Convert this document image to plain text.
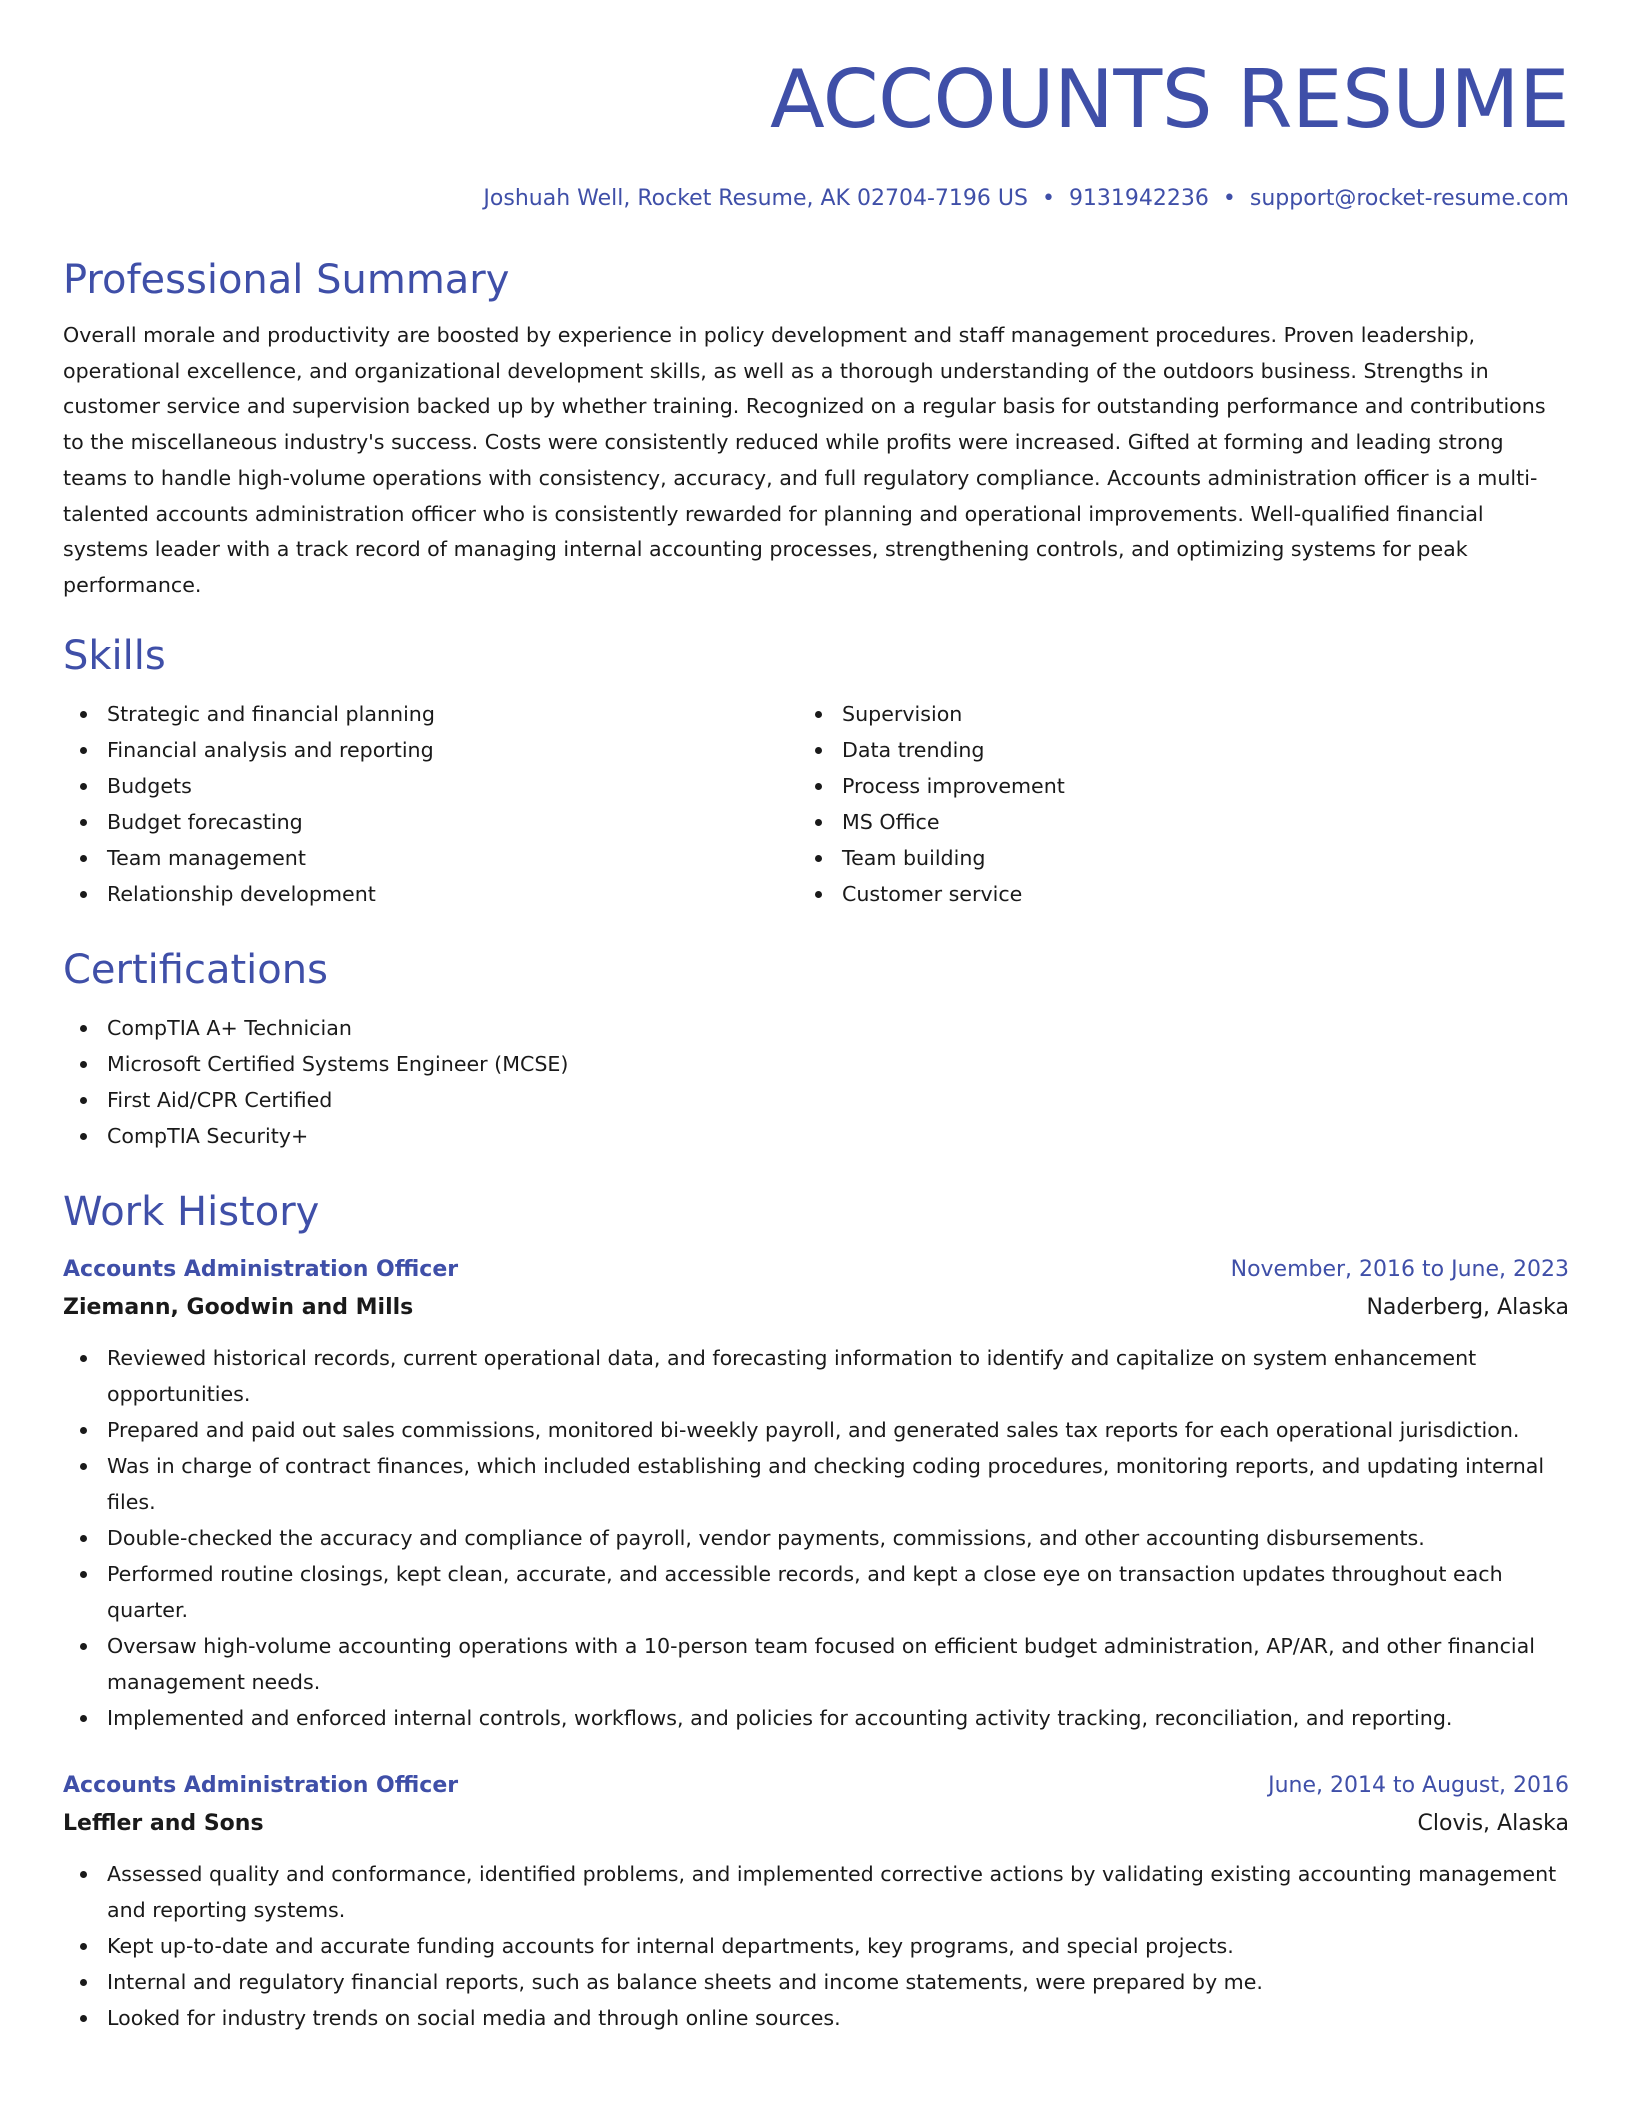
ACCOUNTS RESUME
Joshuah Well, Rocket Resume, AK 02704-7196 US • 9131942236 • support@rocket-resume.com
Professional Summary

Overall morale and productivity are boosted by experience in policy development and staff management procedures. Proven leadership, operational excellence, and organizational development skills, as well as a thorough understanding of the outdoors business. Strengths in customer service and supervision backed up by whether training. Recognized on a regular basis for outstanding performance and contributions to the miscellaneous industry's success. Costs were consistently reduced while profits were increased. Gifted at forming and leading strong teams to handle high-volume operations with consistency, accuracy, and full regulatory compliance. Accounts administration officer is a multi-talented accounts administration officer who is consistently rewarded for planning and operational improvements. Well-qualified financial systems leader with a track record of managing internal accounting processes, strengthening controls, and optimizing systems for peak performance.

Skills
Strategic and financial planning
Financial analysis and reporting
Budgets
Budget forecasting
Team management
Relationship development
Supervision
Data trending
Process improvement
MS Office
Team building
Customer service
Certifications
CompTIA A+ Technician
Microsoft Certified Systems Engineer (MCSE)
First Aid/CPR Certified
CompTIA Security+
Work History
Accounts Administration Officer	November, 2016 to June, 2023
Ziemann, Goodwin and Mills	Naderberg, Alaska
Reviewed historical records, current operational data, and forecasting information to identify and capitalize on system enhancement opportunities.
Prepared and paid out sales commissions, monitored bi-weekly payroll, and generated sales tax reports for each operational jurisdiction.
Was in charge of contract finances, which included establishing and checking coding procedures, monitoring reports, and updating internal files.
Double-checked the accuracy and compliance of payroll, vendor payments, commissions, and other accounting disbursements.
Performed routine closings, kept clean, accurate, and accessible records, and kept a close eye on transaction updates throughout each quarter.
Oversaw high-volume accounting operations with a 10-person team focused on efficient budget administration, AP/AR, and other financial management needs.
Implemented and enforced internal controls, workflows, and policies for accounting activity tracking, reconciliation, and reporting.
Accounts Administration Officer	June, 2014 to August, 2016
Leffler and Sons	Clovis, Alaska
Assessed quality and conformance, identified problems, and implemented corrective actions by validating existing accounting management and reporting systems.
Kept up-to-date and accurate funding accounts for internal departments, key programs, and special projects.
Internal and regulatory financial reports, such as balance sheets and income statements, were prepared by me.
Looked for industry trends on social media and through online sources.
